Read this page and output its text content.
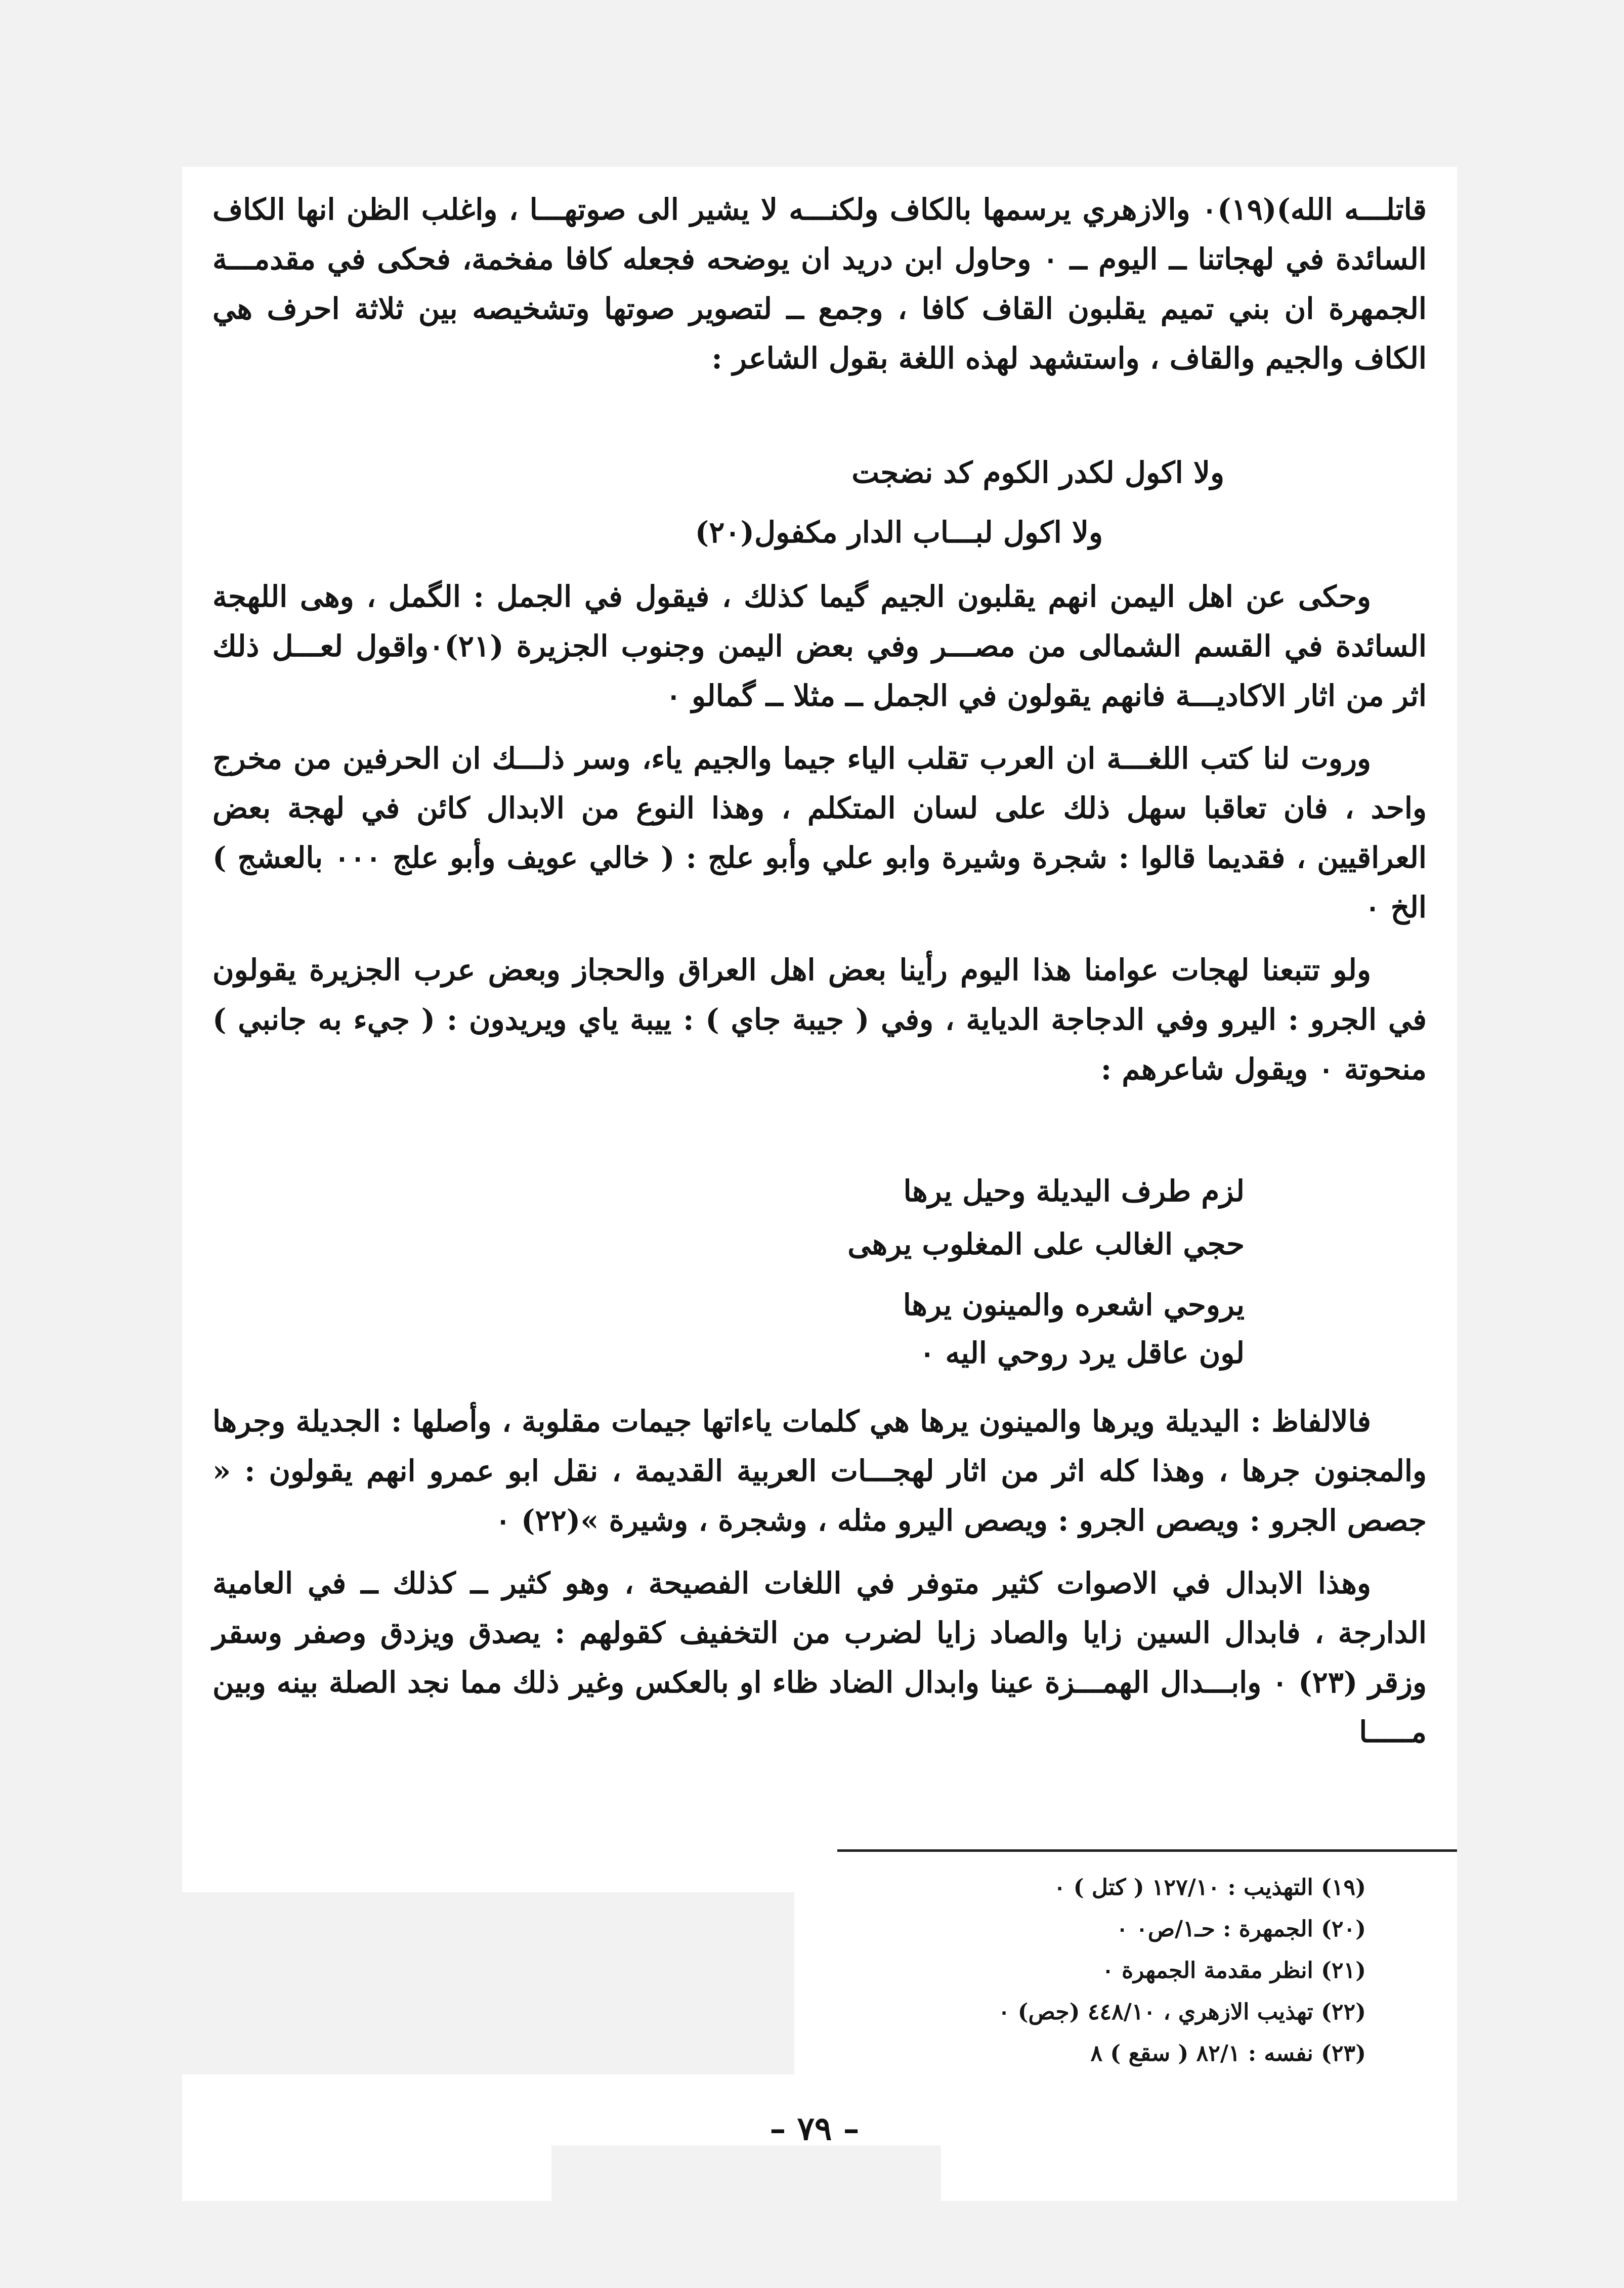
قاتلـــه الله)(١٩)٠ والازهري يرسمها بالكاف ولكنـــه لا يشير الى صوتهـــا ، واغلب الظن انها الكاف السائدة في لهجاتنا ــ اليوم ــ ٠ وحاول ابن دريد ان يوضحه فجعله كافا مفخمة، فحكى في مقدمـــة الجمهرة ان بني تميم يقلبون القاف كافا ، وجمع ــ لتصوير صوتها وتشخيصه بين ثلاثة احرف هي الكاف والجيم والقاف ، واستشهد لهذه اللغة بقول الشاعر :

ولا اكول لكدر الكوم كد نضجت
ولا اكول لبـــاب الدار مكفول(٢٠)

وحكى عن اهل اليمن انهم يقلبون الجيم گيما كذلك ، فيقول في الجمل : الگمل ، وهى اللهجة السائدة في القسم الشمالى من مصـــر وفي بعض اليمن وجنوب الجزيرة (٢١)٠واقول لعـــل ذلك اثر من اثار الاكاديـــة فانهم يقولون في الجمل ــ مثلا ــ گمالو ٠

وروت لنا كتب اللغـــة ان العرب تقلب الياء جيما والجيم ياء، وسر ذلـــك ان الحرفين من مخرج واحد ، فان تعاقبا سهل ذلك على لسان المتكلم ، وهذا النوع من الابدال كائن في لهجة بعض العراقيين ، فقديما قالوا : شجرة وشيرة وابو علي وأبو علج : ( خالي عويف وأبو علج ٠٠٠ بالعشج ) الخ ٠

ولو تتبعنا لهجات عوامنا هذا اليوم رأينا بعض اهل العراق والحجاز وبعض عرب الجزيرة يقولون في الجرو : اليرو وفي الدجاجة الدياية ، وفي ( جيبة جاي ) : ييبة ياي ويريدون : ( جيء به جانبي ) منحوتة ٠ ويقول شاعرهم :

لزم طرف اليديلة وحيل يرها
حجي الغالب على المغلوب يرهى
يروحي اشعره والمينون يرها
لون عاقل يرد روحي اليه ٠

فالالفاظ : اليديلة ويرها والمينون يرها هي كلمات ياءاتها جيمات مقلوبة ، وأصلها : الجديلة وجرها والمجنون جرها ، وهذا كله اثر من اثار لهجـــات العربية القديمة ، نقل ابو عمرو انهم يقولون : « جصص الجرو : ويصص الجرو : ويصص اليرو مثله ، وشجرة ، وشيرة »(٢٢) ٠

وهذا الابدال في الاصوات كثير متوفر في اللغات الفصيحة ، وهو كثير ــ كذلك ــ في العامية الدارجة ، فابدال السين زايا والصاد زايا لضرب من التخفيف كقولهم : يصدق ويزدق وصفر وسقر وزقر (٢٣) ٠ وابـــدال الهمـــزة عينا وابدال الضاد ظاء او بالعكس وغير ذلك مما نجد الصلة بينه وبين مـــــا

(١٩) التهذيب : ١٢٧/١٠ ( كتل ) ٠
(٢٠) الجمهرة : حـ١/ص٠ ٠
(٢١) انظر مقدمة الجمهرة ٠
(٢٢) تهذيب الازهري ، ٤٤٨/١٠ (جص) ٠
(٢٣) نفسه : ٨٢/١ ( سقع ) ٨
– ٧٩ –
